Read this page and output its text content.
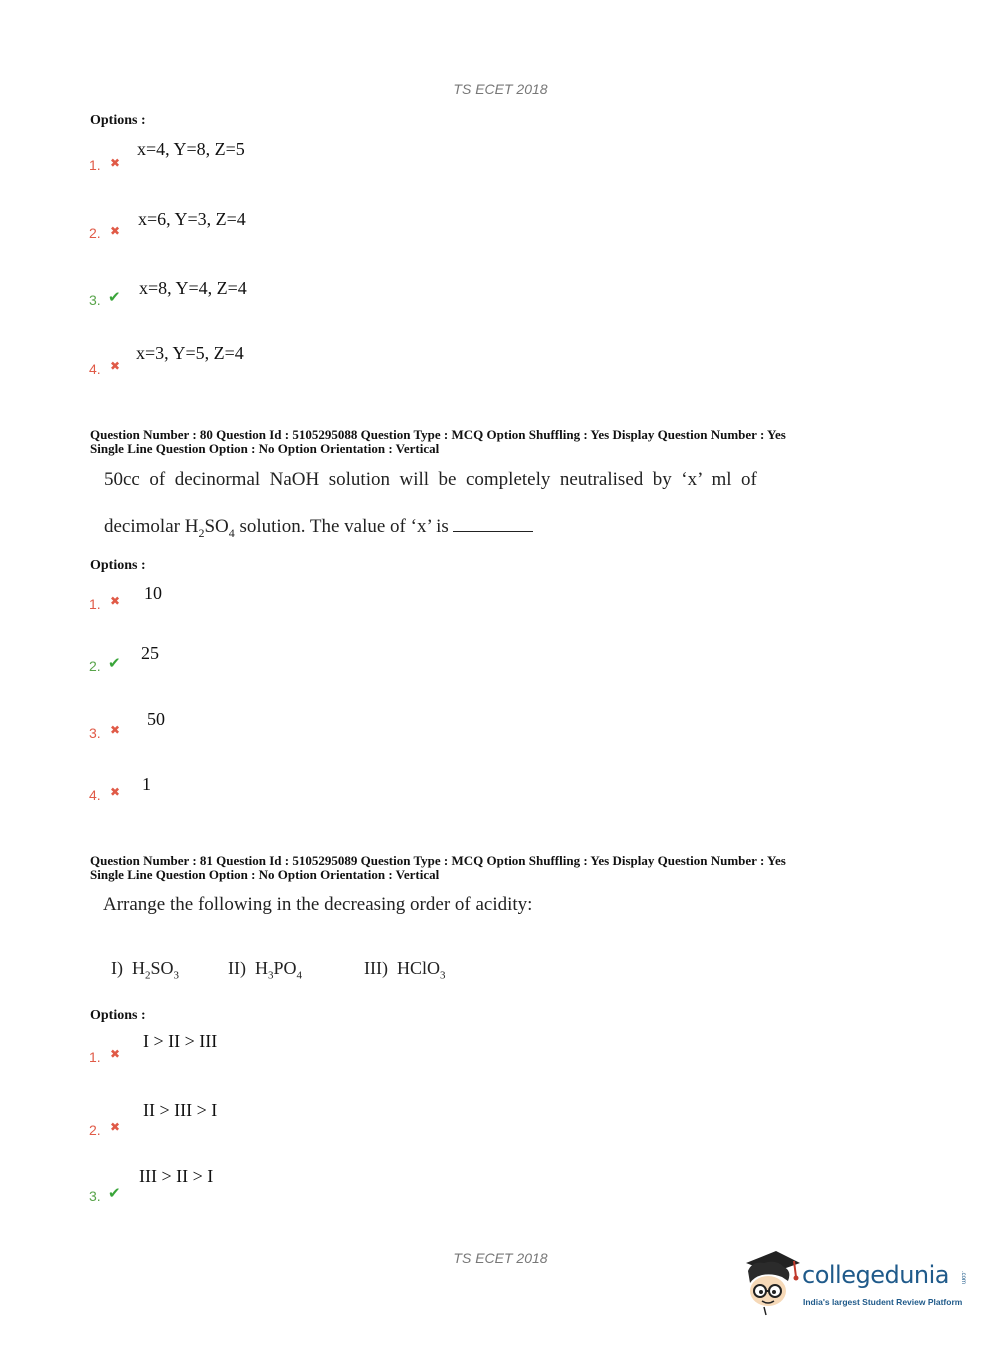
TS ECET 2018
Options :
1. ✖
x=4, Y=8, Z=5
2. ✖
x=6, Y=3, Z=4
3. ✔ x=8, Y=4, Z=4
4. ✖
x=3, Y=5, Z=4
Question Number : 80 Question Id : 5105295088 Question Type : MCQ Option Shuffling : Yes Display Question Number : Yes
Single Line Question Option : No Option Orientation : Vertical
50cc  of  decinormal  NaOH  solution  will  be  completely  neutralised  by  ‘x’  ml  of
decimolar $H_2SO_4$ solution. The value of ‘x’ is
Options :
1. ✖ 10
2. ✔ 25
3. ✖
50
4. ✖ 1
Question Number : 81 Question Id : 5105295089 Question Type : MCQ Option Shuffling : Yes Display Question Number : Yes
Single Line Question Option : No Option Orientation : Vertical
Arrange the following in the decreasing order of acidity:
I) $H_2SO_3$	II) $H_3PO_4$	III) HClO$_3$
Options :
1. ✖
I > II > III
2. ✖
II > III > I
3. ✔
III > II > I
TS ECET 2018
collegedunia .com
India's largest Student Review Platform
